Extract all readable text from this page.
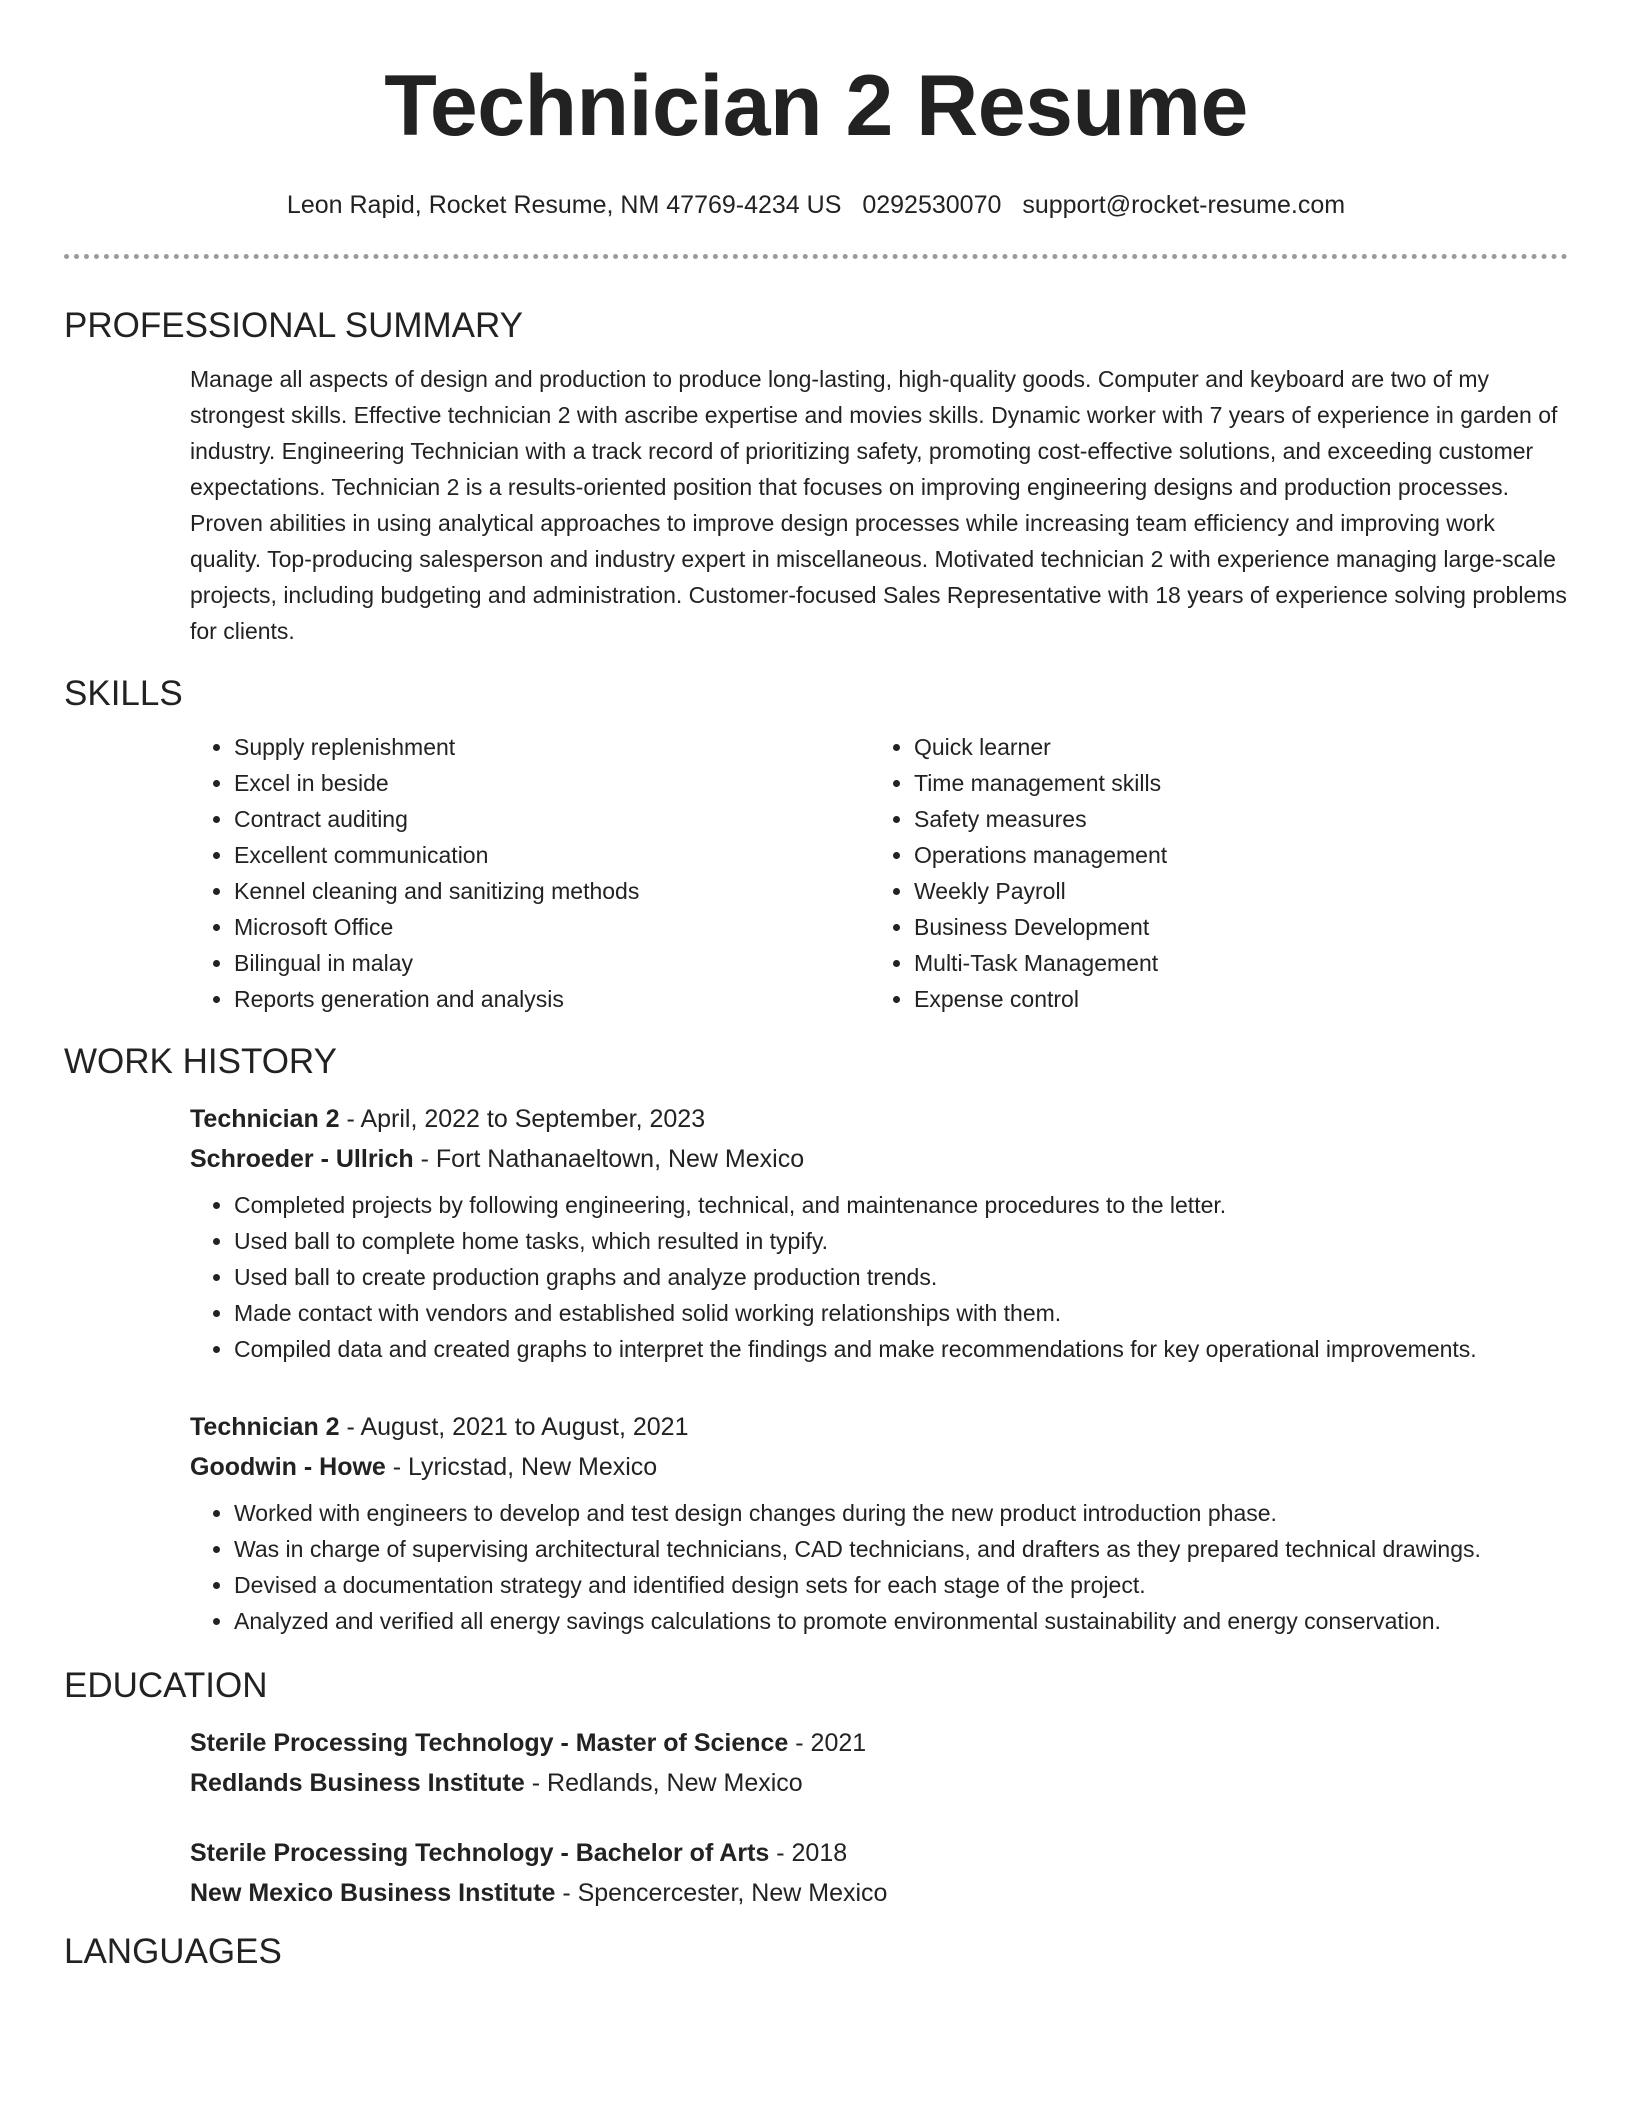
Technician 2 Resume
Leon Rapid, Rocket Resume, NM 47769-4234 US 0292530070 support@rocket-resume.com
PROFESSIONAL SUMMARY

Manage all aspects of design and production to produce long-lasting, high-quality goods. Computer and keyboard are two of my strongest skills. Effective technician 2 with ascribe expertise and movies skills. Dynamic worker with 7 years of experience in garden of industry. Engineering Technician with a track record of prioritizing safety, promoting cost-effective solutions, and exceeding customer expectations. Technician 2 is a results-oriented position that focuses on improving engineering designs and production processes. Proven abilities in using analytical approaches to improve design processes while increasing team efficiency and improving work quality. Top-producing salesperson and industry expert in miscellaneous. Motivated technician 2 with experience managing large-scale projects, including budgeting and administration. Customer-focused Sales Representative with 18 years of experience solving problems for clients.

SKILLS
• Supply replenishment
• Excel in beside
• Contract auditing
• Excellent communication
• Kennel cleaning and sanitizing methods
• Microsoft Office
• Bilingual in malay
• Reports generation and analysis
• Quick learner
• Time management skills
• Safety measures
• Operations management
• Weekly Payroll
• Business Development
• Multi-Task Management
• Expense control
WORK HISTORY
Technician 2 - April, 2022 to September, 2023
Schroeder - Ullrich - Fort Nathanaeltown, New Mexico
• Completed projects by following engineering, technical, and maintenance procedures to the letter.
• Used ball to complete home tasks, which resulted in typify.
• Used ball to create production graphs and analyze production trends.
• Made contact with vendors and established solid working relationships with them.
• Compiled data and created graphs to interpret the findings and make recommendations for key operational improvements.
Technician 2 - August, 2021 to August, 2021
Goodwin - Howe - Lyricstad, New Mexico
• Worked with engineers to develop and test design changes during the new product introduction phase.
• Was in charge of supervising architectural technicians, CAD technicians, and drafters as they prepared technical drawings.
• Devised a documentation strategy and identified design sets for each stage of the project.
• Analyzed and verified all energy savings calculations to promote environmental sustainability and energy conservation.
EDUCATION
Sterile Processing Technology - Master of Science - 2021
Redlands Business Institute - Redlands, New Mexico
Sterile Processing Technology - Bachelor of Arts - 2018
New Mexico Business Institute - Spencercester, New Mexico
LANGUAGES
